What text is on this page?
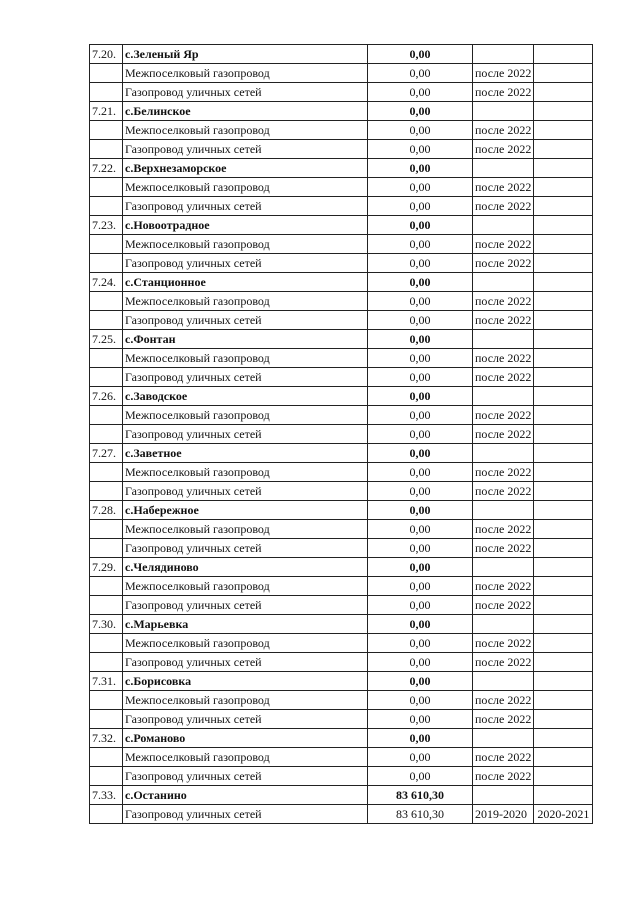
7.20.	с.Зеленый Яр	0,00		
	Межпоселковый газопровод	0,00	после 2022	
	Газопровод уличных сетей	0,00	после 2022	
7.21.	с.Белинское	0,00		
	Межпоселковый газопровод	0,00	после 2022	
	Газопровод уличных сетей	0,00	после 2022	
7.22.	с.Верхнезаморское	0,00		
	Межпоселковый газопровод	0,00	после 2022	
	Газопровод уличных сетей	0,00	после 2022	
7.23.	с.Новоотрадное	0,00		
	Межпоселковый газопровод	0,00	после 2022	
	Газопровод уличных сетей	0,00	после 2022	
7.24.	с.Станционное	0,00		
	Межпоселковый газопровод	0,00	после 2022	
	Газопровод уличных сетей	0,00	после 2022	
7.25.	с.Фонтан	0,00		
	Межпоселковый газопровод	0,00	после 2022	
	Газопровод уличных сетей	0,00	после 2022	
7.26.	с.Заводское	0,00		
	Межпоселковый газопровод	0,00	после 2022	
	Газопровод уличных сетей	0,00	после 2022	
7.27.	с.Заветное	0,00		
	Межпоселковый газопровод	0,00	после 2022	
	Газопровод уличных сетей	0,00	после 2022	
7.28.	с.Набережное	0,00		
	Межпоселковый газопровод	0,00	после 2022	
	Газопровод уличных сетей	0,00	после 2022	
7.29.	с.Челядиново	0,00		
	Межпоселковый газопровод	0,00	после 2022	
	Газопровод уличных сетей	0,00	после 2022	
7.30.	с.Марьевка	0,00		
	Межпоселковый газопровод	0,00	после 2022	
	Газопровод уличных сетей	0,00	после 2022	
7.31.	с.Борисовка	0,00		
	Межпоселковый газопровод	0,00	после 2022	
	Газопровод уличных сетей	0,00	после 2022	
7.32.	с.Романово	0,00		
	Межпоселковый газопровод	0,00	после 2022	
	Газопровод уличных сетей	0,00	после 2022	
7.33.	с.Останино	83 610,30		
	Газопровод уличных сетей	83 610,30	2019-2020	2020-2021
